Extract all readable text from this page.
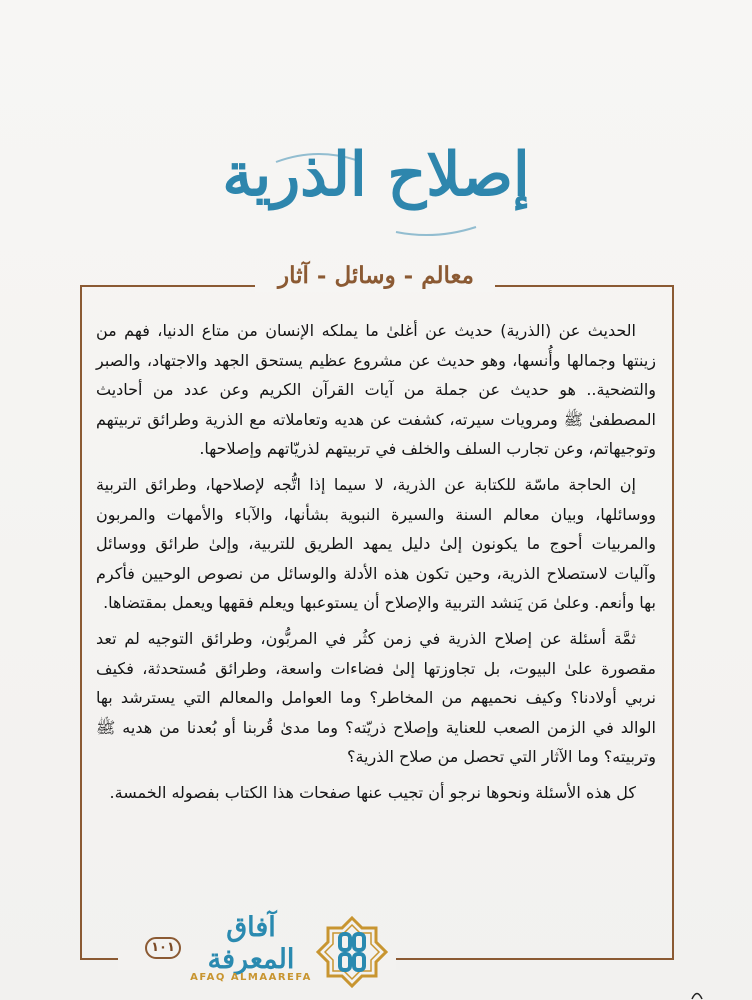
إصلاح الذرية
معالم - وسائل - آثار

الحديث عن (الذرية) حديث عن أغلىٰ ما يملكه الإنسان من متاع الدنيا، فهم من زينتها وجمالها وأُنسها، وهو حديث عن مشروع عظيم يستحق الجهد والاجتهاد، والصبر والتضحية.. هو حديث عن جملة من آيات القرآن الكريم وعن عدد من أحاديث المصطفىٰ ﷺ ومرويات سيرته، كشفت عن هديه وتعاملاته مع الذرية وطرائق تربيتهم وتوجيهاتم، وعن تجارب السلف والخلف في تربيتهم لذريّاتهم وإصلاحها.

إن الحاجة ماسّة للكتابة عن الذرية، لا سيما إذا اتُّجه لإصلاحها، وطرائق التربية ووسائلها، وبيان معالم السنة والسيرة النبوية بشأنها، والآباء والأمهات والمربون والمربيات أحوج ما يكونون إلىٰ دليل يمهد الطريق للتربية، وإلىٰ طرائق ووسائل وآليات لاستصلاح الذرية، وحين تكون هذه الأدلة والوسائل من نصوص الوحيين فأكرم بها وأنعم. وعلىٰ مَن يَنشد التربية والإصلاح أن يستوعبها ويعلم فقهها ويعمل بمقتضاها.

ثمَّة أسئلة عن إصلاح الذرية في زمن كثُر في المربُّون، وطرائق التوجيه لم تعد مقصورة علىٰ البيوت، بل تجاوزتها إلىٰ فضاءات واسعة، وطرائق مُستحدثة، فكيف نربي أولادنا؟ وكيف نحميهم من المخاطر؟ وما العوامل والمعالم التي يسترشد بها الوالد في الزمن الصعب للعناية وإصلاح ذريّته؟ وما مدىٰ قُربنا أو بُعدنا من هديه ﷺ وتربيته؟ وما الآثار التي تحصل من صلاح الذرية؟

كل هذه الأسئلة ونحوها نرجو أن تجيب عنها صفحات هذا الكتاب بفصوله الخمسة.

١٠١
آفاق المعرفة
AFAQ ALMAAREFA
